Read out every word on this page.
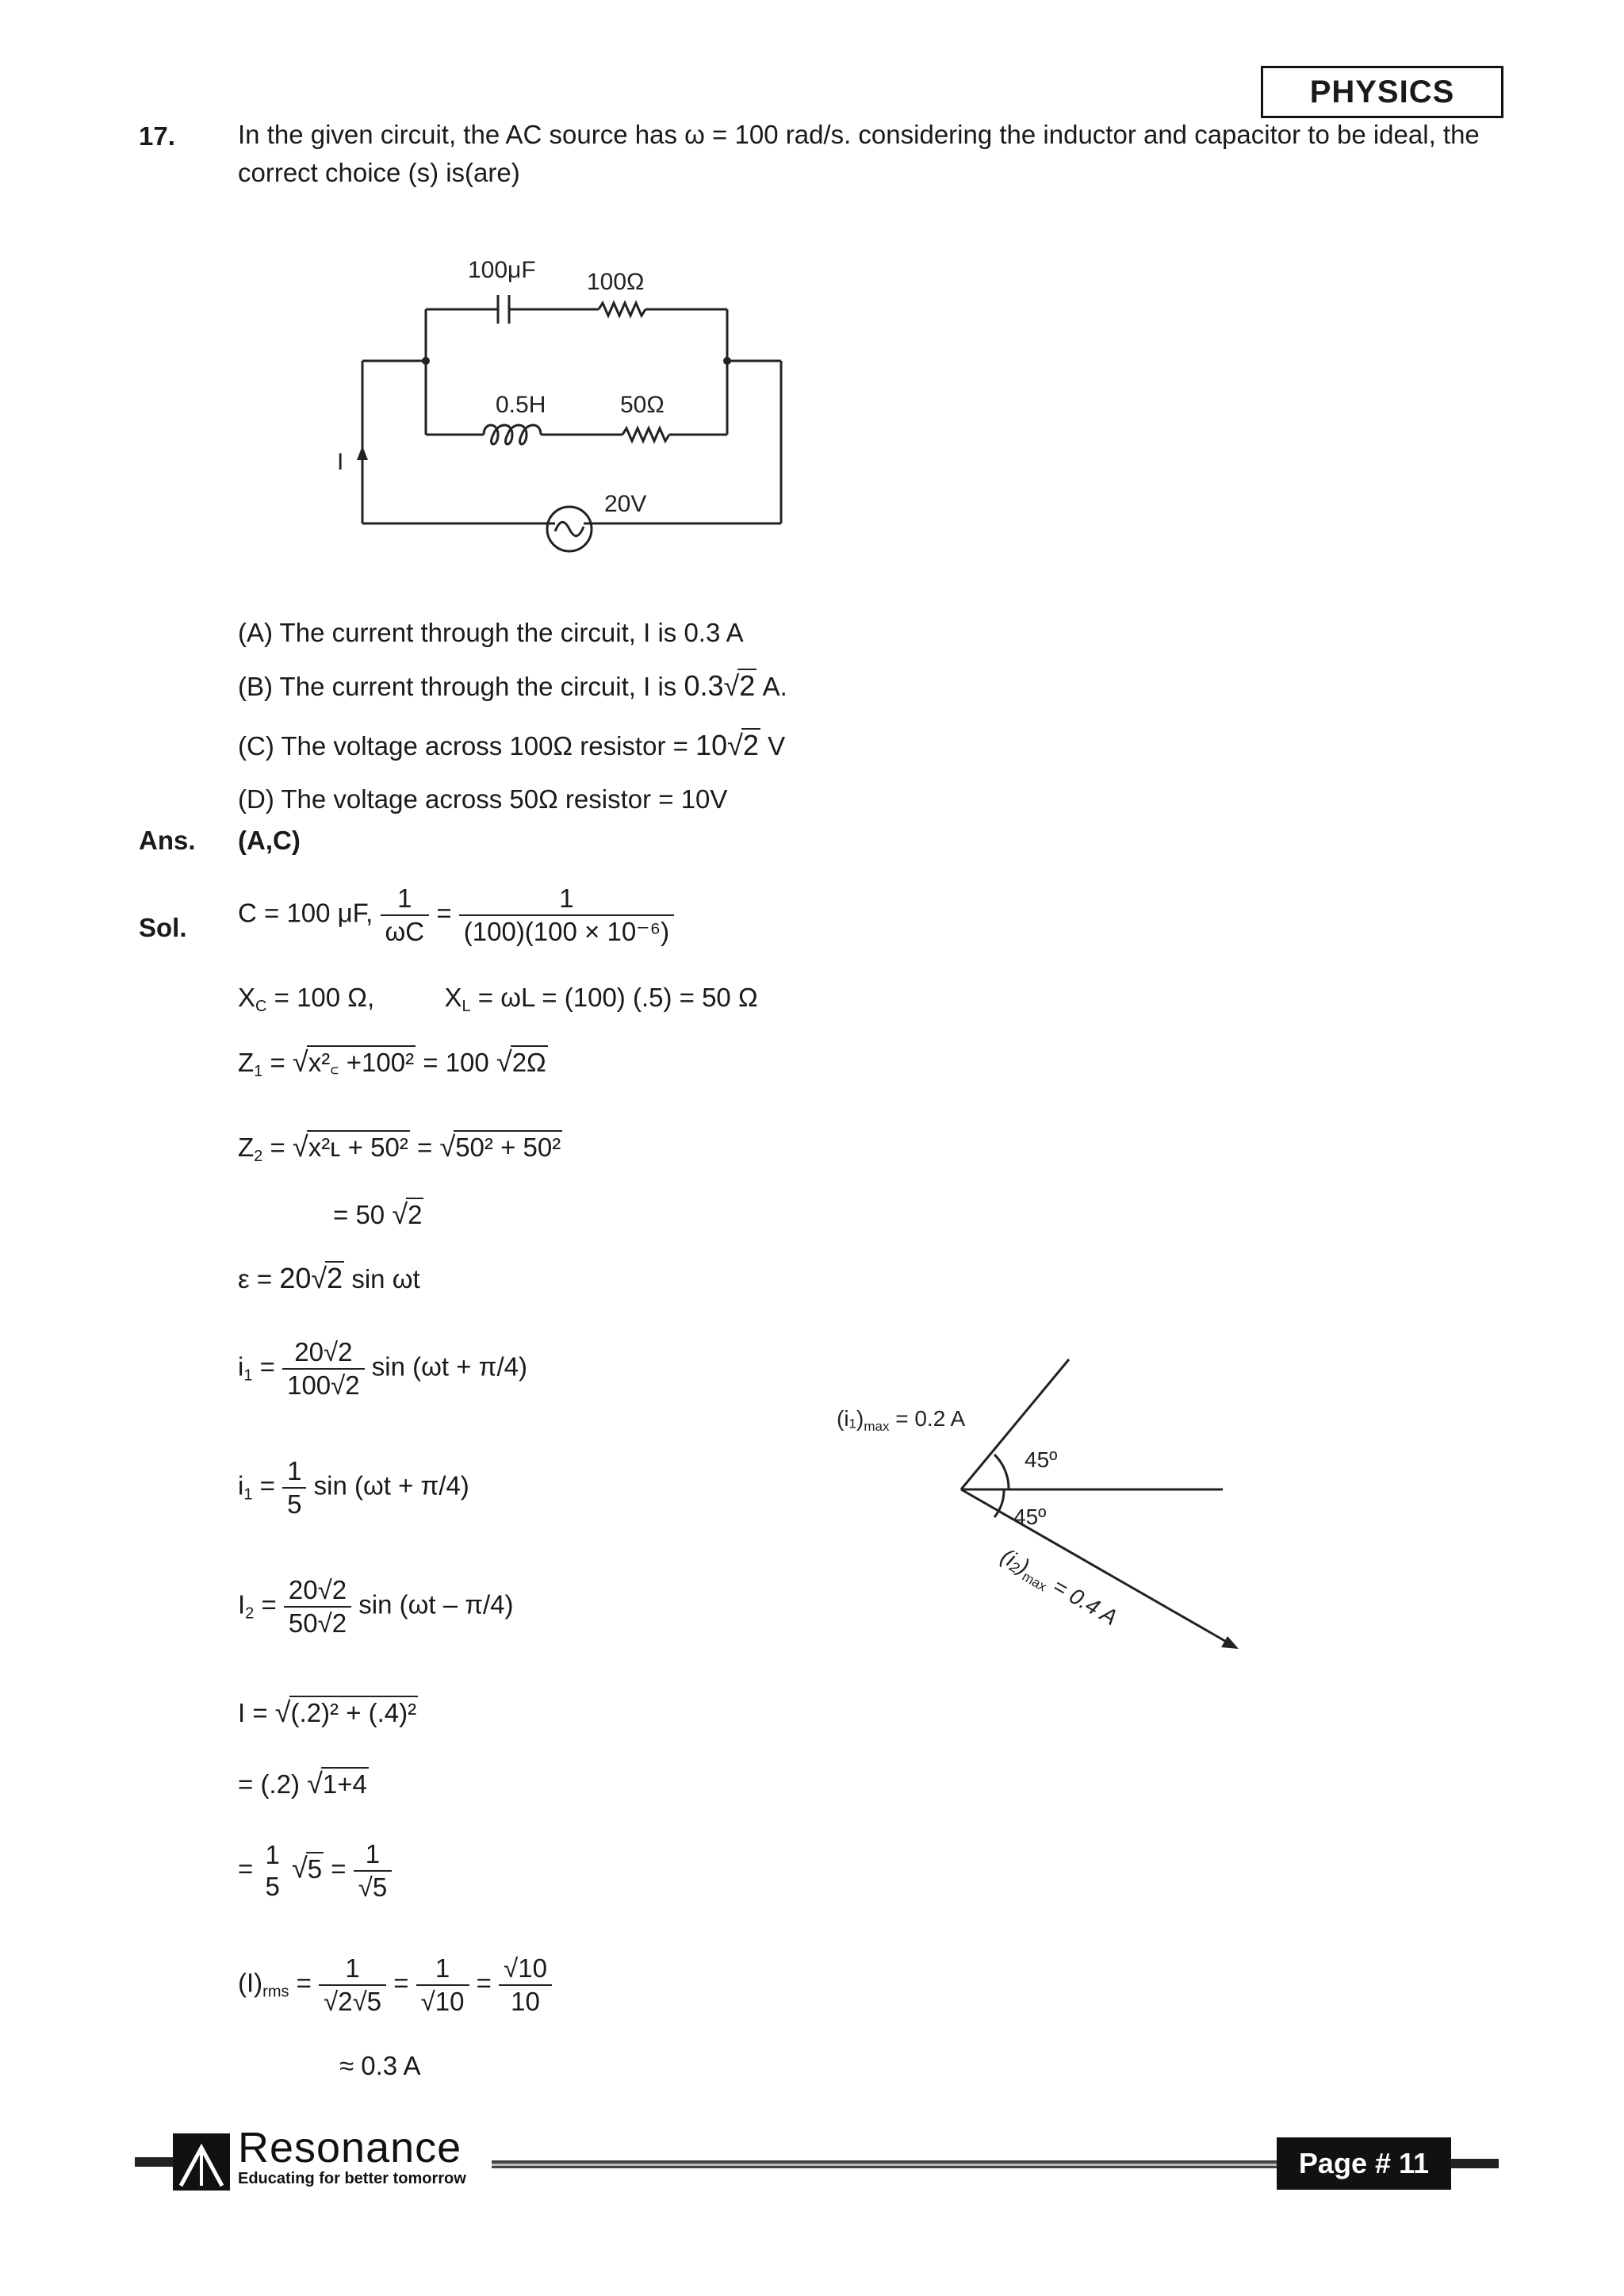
PHYSICS
17. In the given circuit, the AC source has ω = 100 rad/s. considering the inductor and capacitor to be ideal, the
correct choice (s) is(are)
100μF 100Ω
0.5H	50Ω
I
20V
(A) The current through the circuit, I is 0.3 A
(B) The current through the circuit, I is 0.3√2 A.
(C) The voltage across 100Ω resistor = 10√2 V
(D) The voltage across 50Ω resistor = 10V
Ans. (A,C)
Sol. C = 100 μF, $\frac{1}{\omega C} = \frac{1}{\text{(100)(100 × 10⁻⁶)}}$
$X_C = 100$ Ω,	$X_L = \omega L = (100) (.5) = 50$ Ω
$Z_1$ = √x²꜀ +100² = 100 √2Ω
$Z_2$ = √x²ʟ + 50² = √50² + 50²
= 50 √2
ε = 20√2 sin ωt
$i_1 = \frac{20√2}{100√2}$ sin (ωt + π/4)
$i_1 = \frac{1}{5}$ sin (ωt + π/4)
$I_2 = \frac{20√2}{50√2}$ sin (ωt – π/4)
I = √(.2)² + (.4)²
= (.2) √1+4
= 1
5
$√5 = \frac{1}{√5}$
$(I)_{rms} = \frac{1}{√2√5} = \frac{1}{√10} = \frac{√10}{10}$
≈ 0.3 A
$(i_1)_{max} = 0.2$ A
45º
45º
$(i_2)_{max} = 0.4$ A
Resonance
Educating for better tomorrow	Page # 11
